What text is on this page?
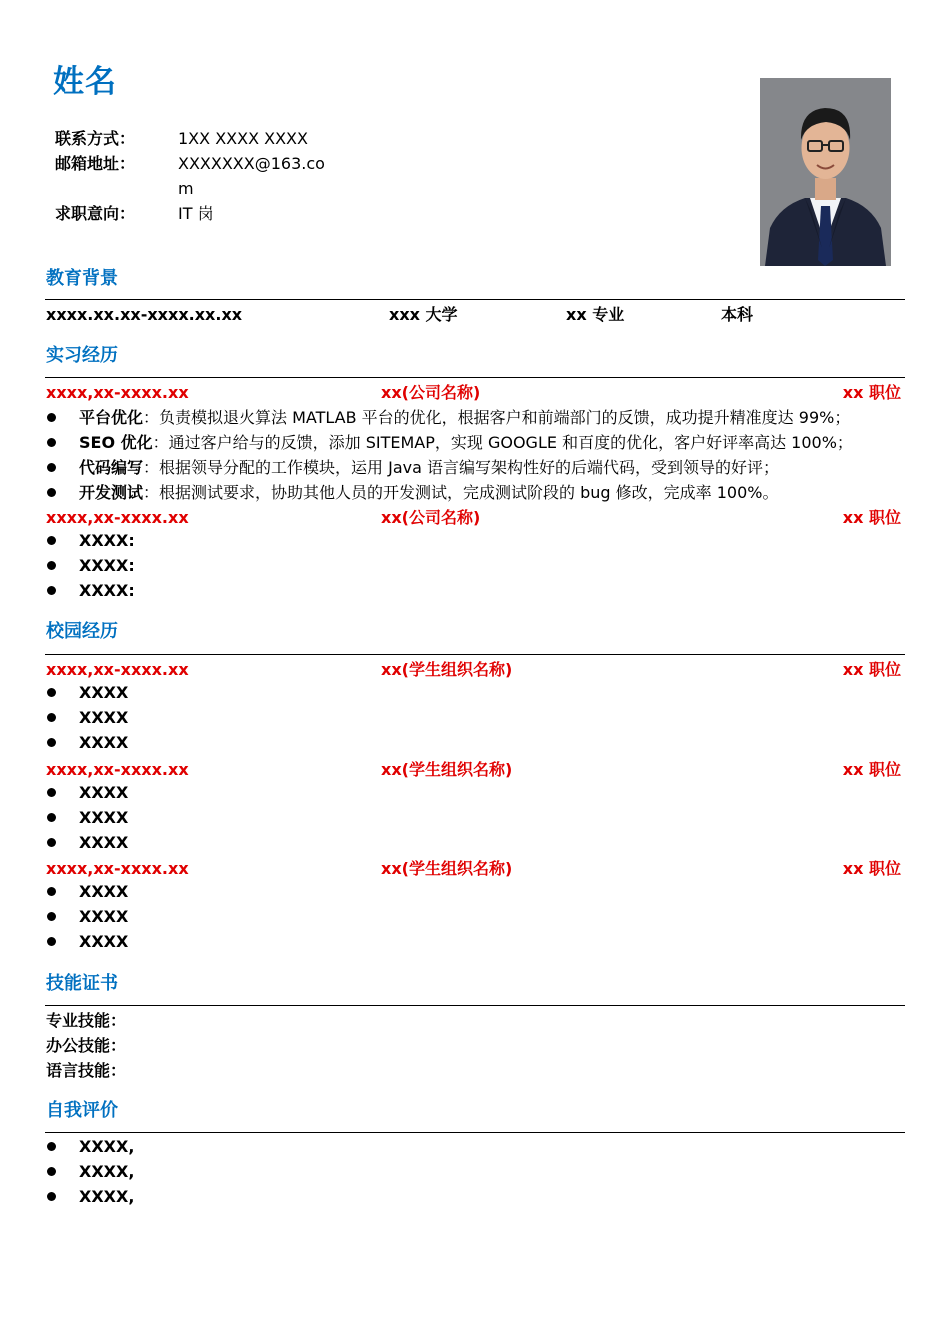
姓名
联系方式：	1XX XXXX XXXX
邮箱地址：	XXXXXXX@163.com
求职意向：	IT 岗
教育背景
xxxx.xx.xx-xxxx.xx.xx	xxx 大学	xx 专业	本科
实习经历
xxxx,xx-xxxx.xx	xx(公司名称)	xx 职位
平台优化：负责模拟退火算法 MATLAB 平台的优化，根据客户和前端部门的反馈，成功提升精准度达 99%；
SEO 优化：通过客户给与的反馈，添加 SITEMAP，实现 GOOGLE 和百度的优化，客户好评率高达 100%；
代码编写：根据领导分配的工作模块，运用 Java 语言编写架构性好的后端代码，受到领导的好评；
开发测试：根据测试要求，协助其他人员的开发测试，完成测试阶段的 bug 修改，完成率 100%。
xxxx,xx-xxxx.xx	xx(公司名称)	xx 职位
XXXX:
XXXX:
XXXX:
校园经历
xxxx,xx-xxxx.xx	xx(学生组织名称)	xx 职位
XXXX
XXXX
XXXX
xxxx,xx-xxxx.xx	xx(学生组织名称)	xx 职位
XXXX
XXXX
XXXX
xxxx,xx-xxxx.xx	xx(学生组织名称)	xx 职位
XXXX
XXXX
XXXX
技能证书
专业技能：
办公技能：
语言技能：
自我评价
XXXX,
XXXX,
XXXX,
